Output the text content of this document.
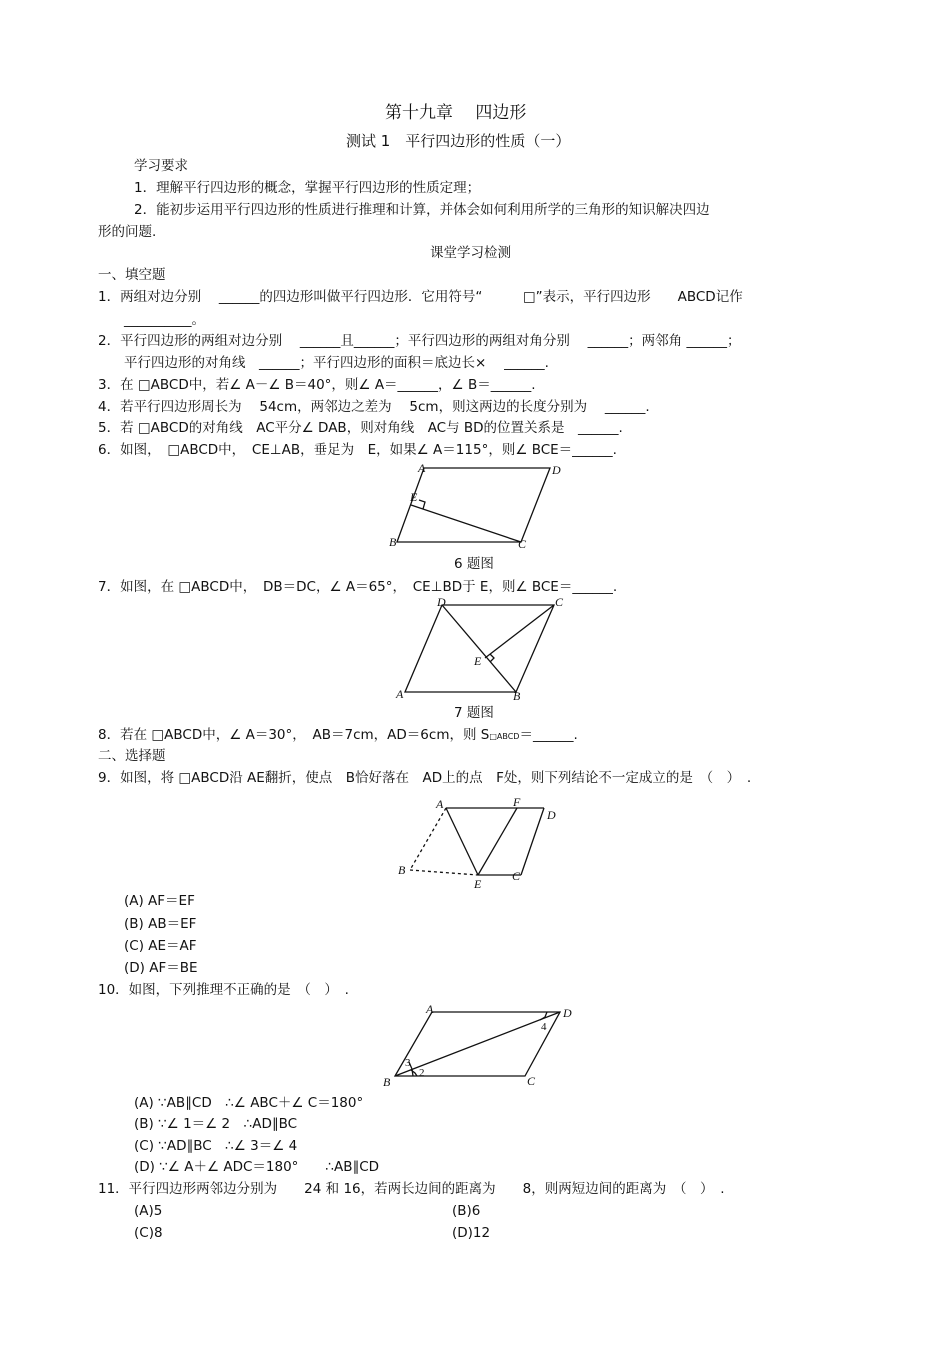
第十九章　 四边形
测试 1　平行四边形的性质（一）
学习要求
1．理解平行四边形的概念，掌握平行四边形的性质定理；
2．能初步运用平行四边形的性质进行推理和计算，并体会如何利用所学的三角形的知识解决四边
形的问题.
课堂学习检测
一、填空题
1．两组对边分别　 ______的四边形叫做平行四边形．它用符号“　　　□”表示，平行四边形　　ABCD记作
__________。
2．平行四边形的两组对边分别　 ______且______；平行四边形的两组对角分别　 ______；两邻角 ______；
平行四边形的对角线　______；平行四边形的面积＝底边长×　 ______.
3．在 □ABCD中，若∠ A－∠ B＝40°，则∠ A＝______，∠ B＝______.
4．若平行四边形周长为　 54cm，两邻边之差为　 5cm，则这两边的长度分别为　 ______.
5．若 □ABCD的对角线　AC平分∠ DAB，则对角线　AC与 BD的位置关系是　______.
6．如图，　□ABCD中，　CE⊥AB，垂足为　E，如果∠ A＝115°，则∠ BCE＝______.
A	D
E
B	C
6 题图
7．如图，在 □ABCD中，　DB＝DC，∠ A＝65°，　CE⊥BD于 E，则∠ BCE＝______.
D	C
E
A	B
7 题图
8．若在 □ABCD中，∠ A＝30°，　AB＝7cm，AD＝6cm，则 S□ABCD＝______.
二、选择题
9．如图，将 □ABCD沿 AE翻折，使点　B恰好落在　AD上的点　F处，则下列结论不一定成立的是　（　）　.
A	F
D
B
E
C
(A) AF＝EF
(B) AB＝EF
(C) AE＝AF
(D) AF＝BE
10．如图，下列推理不正确的是　（　）　.
A	D
B	C
3
2
4
(A) ∵AB∥CD　∴∠ ABC＋∠ C＝180°
(B) ∵∠ 1＝∠ 2　∴AD∥BC
(C) ∵AD∥BC　∴∠ 3＝∠ 4
(D) ∵∠ A＋∠ ADC＝180°　　∴AB∥CD
11．平行四边形两邻边分别为　　24 和 16，若两长边间的距离为　　8，则两短边间的距离为　（　）　.
(A)5	(B)6
(C)8	(D)12
